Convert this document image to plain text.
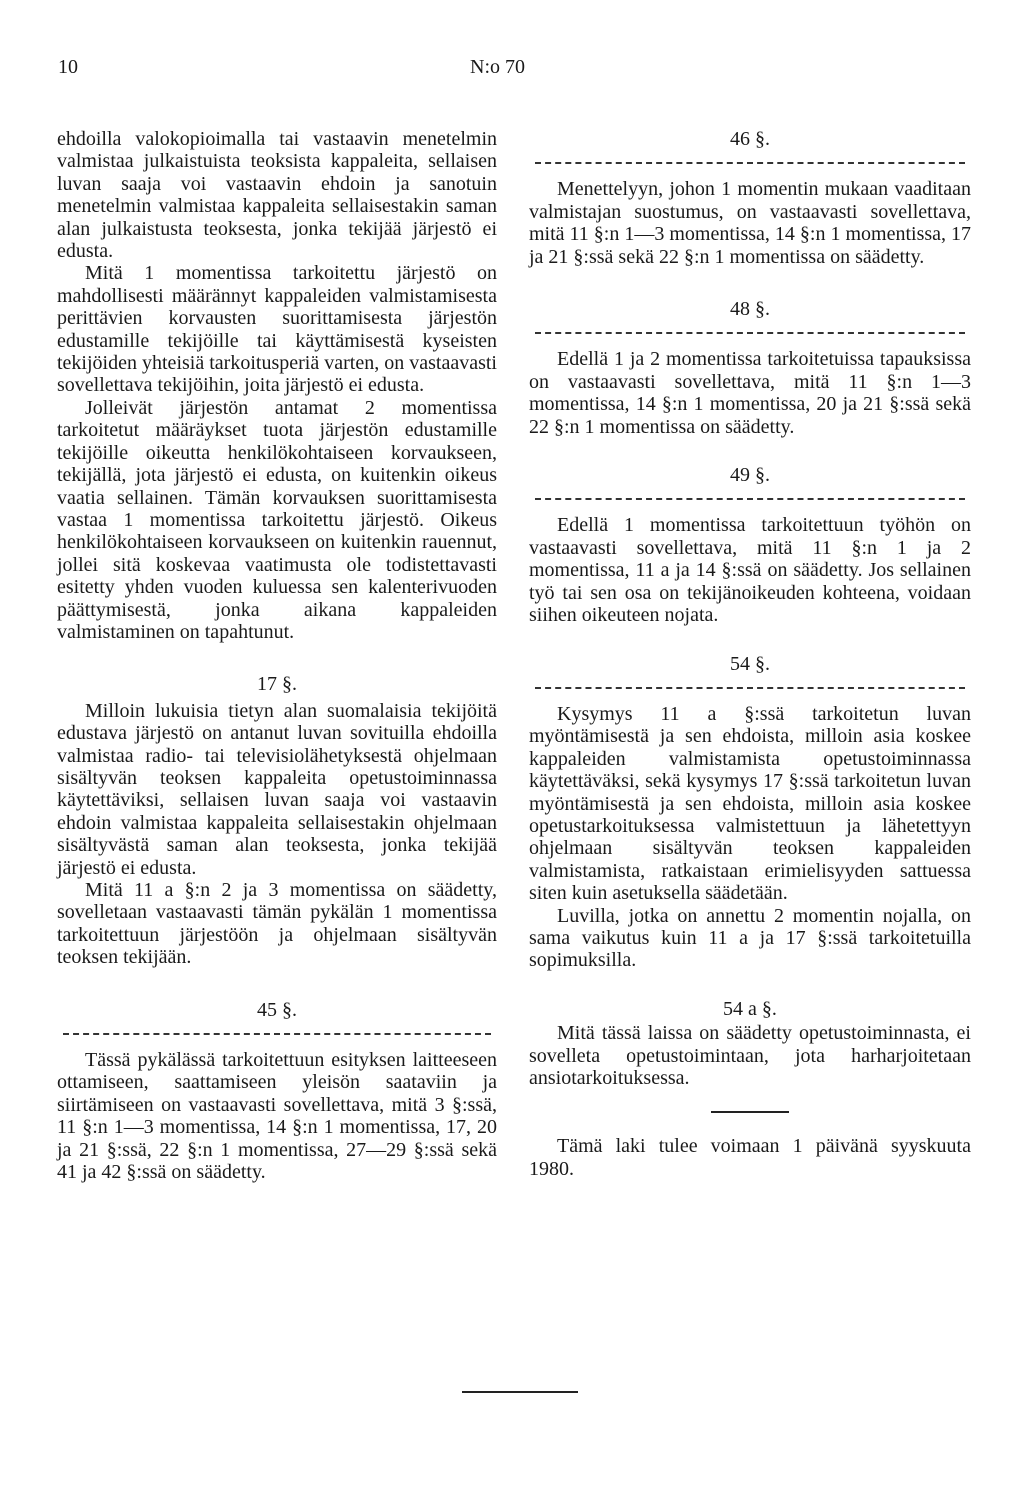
10	N:o 70

ehdoilla valokopioimalla tai vastaavin menetelmin valmistaa julkaistuista teoksista kappaleita, sellaisen luvan saaja voi vastaavin ehdoin ja sanotuin menetelmin valmistaa kappaleita sellaisestakin saman alan julkaistusta teoksesta, jonka tekijää järjestö ei edusta.

Mitä 1 momentissa tarkoitettu järjestö on mahdollisesti määrännyt kappaleiden valmistamisesta perittävien korvausten suorittamisesta järjestön edustamille tekijöille tai käyttämisestä kyseisten tekijöiden yhteisiä tarkoitusperiä varten, on vastaavasti sovellettava tekijöihin, joita järjestö ei edusta.

Jolleivät järjestön antamat 2 momentissa tarkoitetut määräykset tuota järjestön edustamille tekijöille oikeutta henkilökohtaiseen korvaukseen, tekijällä, jota järjestö ei edusta, on kuitenkin oikeus vaatia sellainen. Tämän korvauksen suorittamisesta vastaa 1 momentissa tarkoitettu järjestö. Oikeus henkilökohtaiseen korvaukseen on kuitenkin rauennut, jollei sitä koskevaa vaatimusta ole todistettavasti esitetty yhden vuoden kuluessa sen kalenterivuoden päättymisestä, jonka aikana kappaleiden valmistaminen on tapahtunut.

17 §.

Milloin lukuisia tietyn alan suomalaisia tekijöitä edustava järjestö on antanut luvan sovituilla ehdoilla valmistaa radio- tai televisiolähetyksestä ohjelmaan sisältyvän teoksen kappaleita opetustoiminnassa käytettäviksi, sellaisen luvan saaja voi vastaavin ehdoin valmistaa kappaleita sellaisestakin ohjelmaan sisältyvästä saman alan teoksesta, jonka tekijää järjestö ei edusta.

Mitä 11 a §:n 2 ja 3 momentissa on säädetty, sovelletaan vastaavasti tämän pykälän 1 momentissa tarkoitettuun järjestöön ja ohjelmaan sisältyvän teoksen tekijään.

45 §.

Tässä pykälässä tarkoitettuun esityksen laitteeseen ottamiseen, saattamiseen yleisön saataviin ja siirtämiseen on vastaavasti sovellettava, mitä 3 §:ssä, 11 §:n 1—3 momentissa, 14 §:n 1 momentissa, 17, 20 ja 21 §:ssä, 22 §:n 1 momentissa, 27—29 §:ssä sekä 41 ja 42 §:ssä on säädetty.

46 §.

Menettelyyn, johon 1 momentin mukaan vaaditaan valmistajan suostumus, on vastaavasti sovellettava, mitä 11 §:n 1—3 momentissa, 14 §:n 1 momentissa, 17 ja 21 §:ssä sekä 22 §:n 1 momentissa on säädetty.

48 §.

Edellä 1 ja 2 momentissa tarkoitetuissa tapauksissa on vastaavasti sovellettava, mitä 11 §:n 1—3 momentissa, 14 §:n 1 momentissa, 20 ja 21 §:ssä sekä 22 §:n 1 momentissa on säädetty.

49 §.

Edellä 1 momentissa tarkoitettuun työhön on vastaavasti sovellettava, mitä 11 §:n 1 ja 2 momentissa, 11 a ja 14 §:ssä on säädetty. Jos sellainen työ tai sen osa on tekijänoikeuden kohteena, voidaan siihen oikeuteen nojata.

54 §.

Kysymys 11 a §:ssä tarkoitetun luvan myöntämisestä ja sen ehdoista, milloin asia koskee kappaleiden valmistamista opetustoiminnassa käytettäväksi, sekä kysymys 17 §:ssä tarkoitetun luvan myöntämisestä ja sen ehdoista, milloin asia koskee opetustarkoituksessa valmistettuun ja lähetettyyn ohjelmaan sisältyvän teoksen kappaleiden valmistamista, ratkaistaan erimielisyyden sattuessa siten kuin asetuksella säädetään.

Luvilla, jotka on annettu 2 momentin nojalla, on sama vaikutus kuin 11 a ja 17 §:ssä tarkoitetuilla sopimuksilla.

54 a §.

Mitä tässä laissa on säädetty opetustoiminnasta, ei sovelleta opetustoimintaan, jota harharjoitetaan ansiotarkoituksessa.

Tämä laki tulee voimaan 1 päivänä syyskuuta 1980.
